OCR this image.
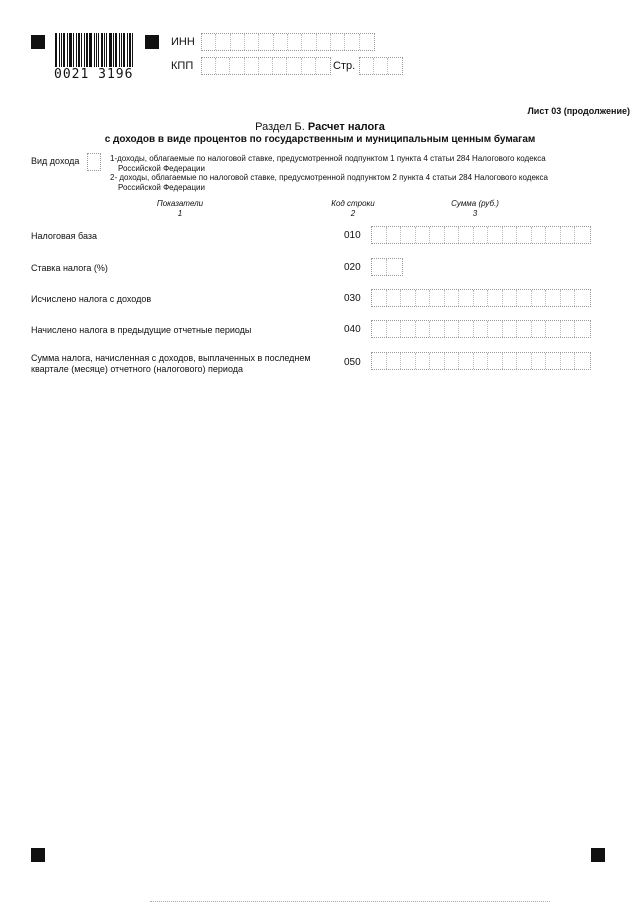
0021 3196
ИНН
КПП	Стр.
Лист 03 (продолжение)
Раздел Б. Расчет налога
с доходов в виде процентов по государственным и муниципальным ценным бумагам
Вид дохода	1-доходы, облагаемые по налоговой ставке, предусмотренной подпунктом 1 пункта 4 статьи 284 Налогового кодекса
Российской Федерации
2- доходы, облагаемые по налоговой ставке, предусмотренной подпунктом 2 пункта 4 статьи 284 Налогового кодекса
Российской Федерации
Показатели
1
Код строки
2
Сумма (руб.)
3
Налоговая база	010
Ставка налога (%)	020
Исчислено налога с доходов	030
Начислено налога в предыдущие отчетные периоды	040
Сумма налога, начисленная с доходов, выплаченных в последнем
квартале (месяце) отчетного (налогового) периода
050
